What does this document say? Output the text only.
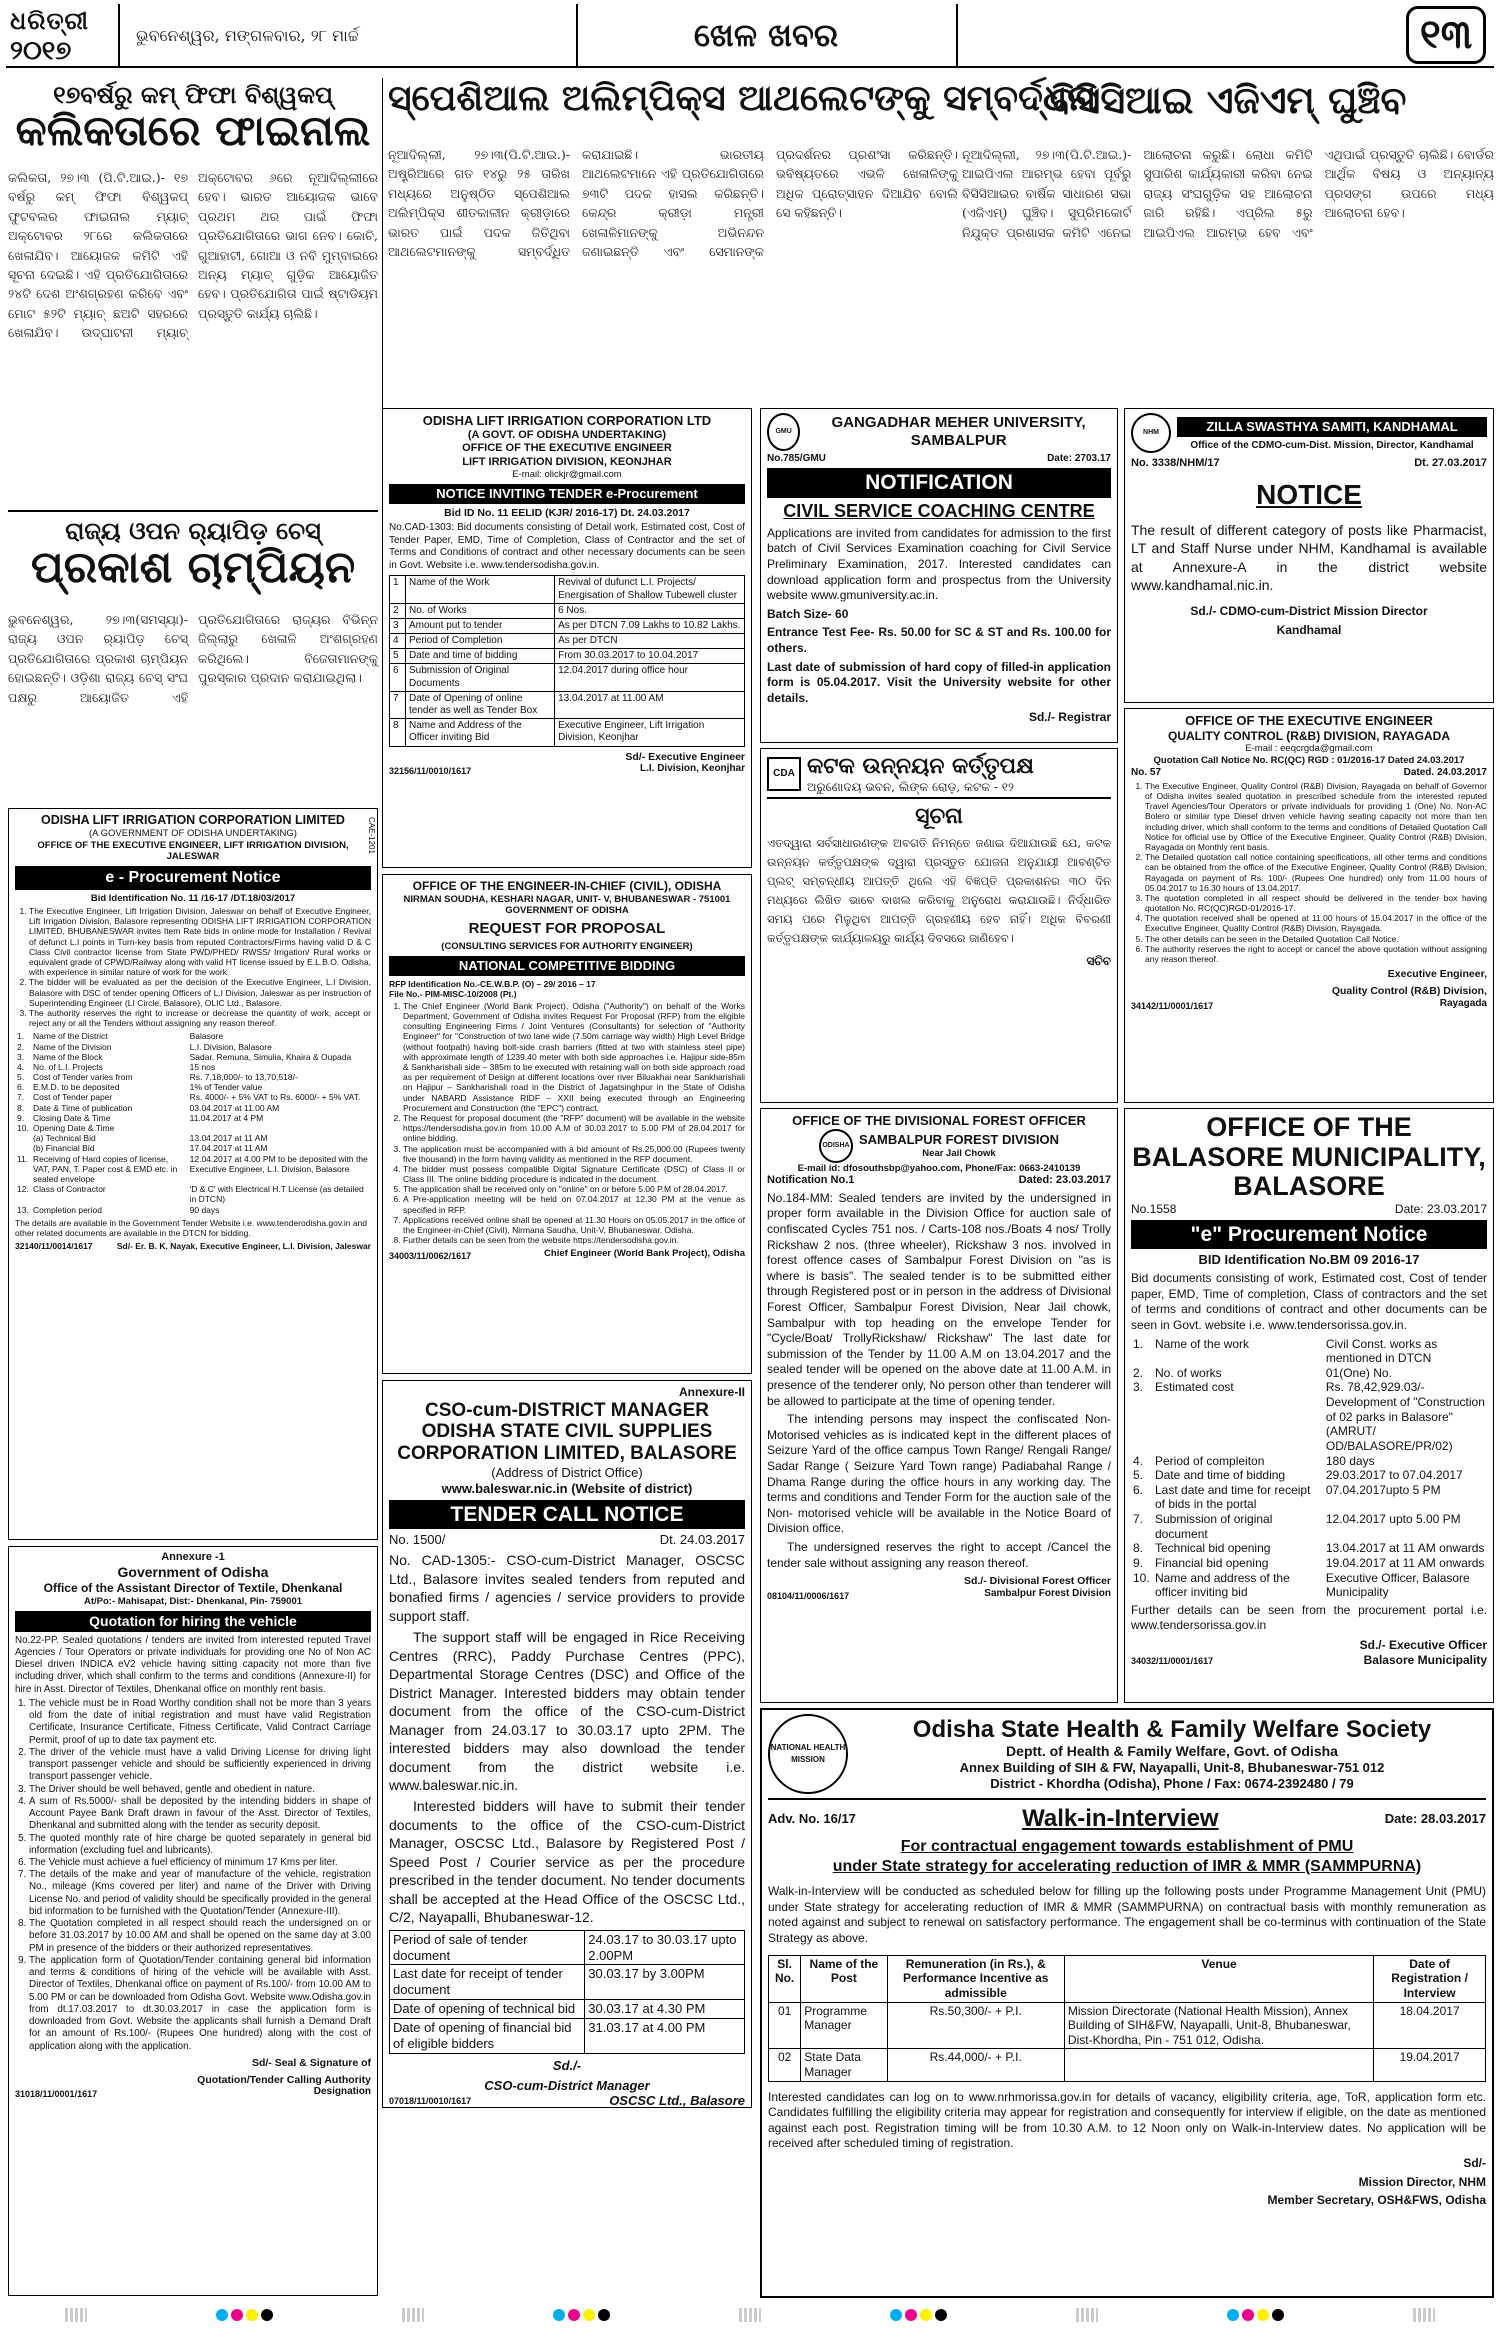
ଧରିତ୍ରୀ
୨୦୧୭
ଭୁବନେଶ୍ୱର, ମଙ୍ଗଳବାର, ୨୮ ମାର୍ଚ୍ଚ	ଖେଳ ଖବର	୧୩
୧୭ବର୍ଷରୁ କମ୍ ଫିଫା ବିଶ୍ୱକପ୍
କଲିକତାରେ ଫାଇନାଲ
କଲିକତା, ୨୭।୩ (ପି.ଟି.ଆଇ.)- ୧୭ ବର୍ଷରୁ କମ୍ ଫିଫା ବିଶ୍ୱକପ୍ ଫୁଟବଲର ଫାଇନାଲ ମ୍ୟାଚ୍ ଅକ୍ଟୋବର ୨୮ରେ କଲିକତାରେ ଖେଳାଯିବ। ଆୟୋଜକ କମିଟି ଏହି ସୂଚନା ଦେଇଛି। ଏହି ପ୍ରତିଯୋଗିତାରେ ୨୪ଟି ଦେଶ ଅଂଶଗ୍ରହଣ କରିବେ ଏବଂ ମୋଟ ୫୨ଟି ମ୍ୟାଚ୍ ଛଅଟି ସହରରେ ଖେଳାଯିବ। ଉଦ୍‌ଘାଟନୀ ମ୍ୟାଚ୍ ଅକ୍ଟୋବର ୬ରେ ନୂଆଦିଲ୍ଲୀରେ ହେବ। ଭାରତ ଆୟୋଜକ ଭାବେ ପ୍ରଥମ ଥର ପାଇଁ ଫିଫା ପ୍ରତିଯୋଗିତାରେ ଭାଗ ନେବ। କୋଚି, ଗୁଆହାଟୀ, ଗୋଆ ଓ ନବି ମୁମ୍ବାଇରେ ଅନ୍ୟ ମ୍ୟାଚ୍ ଗୁଡ଼ିକ ଆୟୋଜିତ ହେବ। ପ୍ରତିଯୋଗିତା ପାଇଁ ଷ୍ଟାଡିୟମ ପ୍ରସ୍ତୁତି କାର୍ଯ୍ୟ ଚାଲିଛି।
ରାଜ୍ୟ ଓପନ ର‌୍ୟାପିଡ଼ ଚେସ୍
ପ୍ରକାଶ ଚାମ୍ପିୟନ
ଭୁବନେଶ୍ୱର, ୨୭।୩(ସମସ୍ୟା)- ରାଜ୍ୟ ଓପନ ର‌୍ୟାପିଡ଼ ଚେସ୍ ପ୍ରତିଯୋଗିତାରେ ପ୍ରକାଶ ଚାମ୍ପିୟନ ହୋଇଛନ୍ତି। ଓଡ଼ିଶା ରାଜ୍ୟ ଚେସ୍ ସଂଘ ପକ୍ଷରୁ ଆୟୋଜିତ ଏହି ପ୍ରତିଯୋଗିତାରେ ରାଜ୍ୟର ବିଭିନ୍ନ ଜିଲ୍ଲାରୁ ଖେଳାଳି ଅଂଶଗ୍ରହଣ କରିଥିଲେ। ବିଜେତାମାନଙ୍କୁ ପୁରସ୍କାର ପ୍ରଦାନ କରାଯାଇଥିଲା।
ସ୍ପେଶିଆଲ ଅଲିମ୍ପିକ୍ସ ଆଥଲେଟଙ୍କୁ ସମ୍ବର୍ଦ୍ଧନା
ନୂଆଦିଲ୍ଲୀ, ୨୭।୩(ପି.ଟି.ଆଇ.)- ଅଷ୍ଟ୍ରିଆରେ ଗତ ୧୪ରୁ ୨୫ ତାରିଖ ମଧ୍ୟରେ ଅନୁଷ୍ଠିତ ସ୍ପେଶିଆଲ ଅଲିମ୍ପିକ୍ସ ଶୀତକାଳୀନ କ୍ରୀଡ଼ାରେ ଭାରତ ପାଇଁ ପଦକ ଜିତିଥିବା ଆଥଲେଟମାନଙ୍କୁ ସମ୍ବର୍ଦ୍ଧିତ କରାଯାଇଛି। ଭାରତୀୟ ଆଥଲେଟମାନେ ଏହି ପ୍ରତିଯୋଗିତାରେ ୭୩ଟି ପଦକ ହାସଲ କରିଛନ୍ତି। କେନ୍ଦ୍ର କ୍ରୀଡ଼ା ମନ୍ତ୍ରୀ ଖେଳାଳିମାନଙ୍କୁ ଅଭିନନ୍ଦନ ଜଣାଇଛନ୍ତି ଏବଂ ସେମାନଙ୍କ ପ୍ରଦର୍ଶନର ପ୍ରଶଂସା କରିଛନ୍ତି। ଭବିଷ୍ୟତରେ ଏଭଳି ଖେଳାଳିଙ୍କୁ ଅଧିକ ପ୍ରୋତ୍ସାହନ ଦିଆଯିବ ବୋଲି ସେ କହିଛନ୍ତି।
ବିସିସିଆଇ ଏଜିଏମ୍ ଘୁଞ୍ଚିବ
ନୂଆଦିଲ୍ଲୀ, ୨୭।୩(ପି.ଟି.ଆଇ.)- ଆଇପିଏଲ ଆରମ୍ଭ ହେବା ପୂର୍ବରୁ ବିସିସିଆଇର ବାର୍ଷିକ ସାଧାରଣ ସଭା (ଏଜିଏମ୍) ଘୁଞ୍ଚିବ। ସୁପ୍ରିମକୋର୍ଟ ନିଯୁକ୍ତ ପ୍ରଶାସକ କମିଟି ଏନେଇ ଆଲୋଚନା କରୁଛି। ଲୋଧା କମିଟି ସୁପାରିଶ କାର୍ଯ୍ୟକାରୀ କରିବା ନେଇ ରାଜ୍ୟ ସଂଘଗୁଡ଼ିକ ସହ ଆଲୋଚନା ଜାରି ରହିଛି। ଏପ୍ରିଲ ୫ରୁ ଆଇପିଏଲ ଆରମ୍ଭ ହେବ ଏବଂ ଏଥିପାଇଁ ପ୍ରସ୍ତୁତି ଚାଲିଛି। ବୋର୍ଡର ଆର୍ଥିକ ବିଷୟ ଓ ଅନ୍ୟାନ୍ୟ ପ୍ରସଙ୍ଗ ଉପରେ ମଧ୍ୟ ଆଲୋଚନା ହେବ।
ODISHA LIFT IRRIGATION CORPORATION LTD
(A GOVT. OF ODISHA UNDERTAKING)
OFFICE OF THE EXECUTIVE ENGINEER
LIFT IRRIGATION DIVISION, KEONJHAR
E-mail: olickjr@gmail.com
NOTICE INVITING TENDER e-Procurement
Bid ID No. 11 EELID (KJR/ 2016-17) Dt. 24.03.2017
No.CAD-1303: Bid documents consisting of Detail work, Estimated cost, Cost of Tender Paper, EMD, Time of Completion, Class of Contractor and the set of Terms and Conditions of contract and other necessary documents can be seen in Govt. Website i.e. www.tendersodisha.gov.in.
1	Name of the Work	Revival of dufunct L.I. Projects/ Energisation of Shallow Tubewell cluster
2	No. of Works	6 Nos.
3	Amount put to tender	As per DTCN 7.09 Lakhs to 10.82 Lakhs.
4	Period of Completion	As per DTCN
5	Date and time of bidding	From 30.03.2017 to 10.04.2017
6	Submission of Original Documents	12.04.2017 during office hour
7	Date of Opening of online tender as well as Tender Box	13.04.2017 at 11.00 AM
8	Name and Address of the Officer inviting Bid	Executive Engineer, Lift Irrigation Division, Keonjhar
Sd/- Executive Engineer
32156/11/0010/1617	L.I. Division, Keonjhar
GMU
GANGADHAR MEHER UNIVERSITY, SAMBALPUR
No.785/GMU	Date: 2703.17
NOTIFICATION
CIVIL SERVICE COACHING CENTRE
Applications are invited from candidates for admission to the first batch of Civil Services Examination coaching for Civil Service Preliminary Examination, 2017. Interested candidates can download application form and prospectus from the University website www.gmuniversity.ac.in.
Batch Size- 60
Entrance Test Fee- Rs. 50.00 for SC & ST and Rs. 100.00 for others.
Last date of submission of hard copy of filled-in application form is 05.04.2017. Visit the University website for other details.
Sd./- Registrar
NHM	ZILLA SWASTHYA SAMITI, KANDHAMAL
Office of the CDMO-cum-Dist. Mission, Director, Kandhamal
No. 3338/NHM/17	Dt. 27.03.2017
NOTICE
The result of different category of posts like Pharmacist, LT and Staff Nurse under NHM, Kandhamal is available at Annexure-A in the district website www.kandhamal.nic.in.
Sd./- CDMO-cum-District Mission Director
Kandhamal
OFFICE OF THE EXECUTIVE ENGINEER
QUALITY CONTROL (R&B) DIVISION, RAYAGADA
E-mail : eeqcrgda@gmail.com
Quotation Call Notice No. RC(QC) RGD : 01/2016-17 Dated 24.03.2017
No. 57	Dated. 24.03.2017
1. The Executive Engineer, Quality Control (R&B) Division, Rayagada on behalf of Governor of Odisha invites sealed quotation in prescribed schedule from the interested reputed Travel Agencies/Tour Operators or private individuals for providing 1 (One) No. Non-AC Bolero or similar type Diesel driven vehicle having seating capacity not more than ten including driver, which shall conform to the terms and conditions of Detailed Quotation Call Notice for official use by Office of the Executive Engineer, Quality Control (R&B) Division, Rayagada on Monthly rent basis.
2. The Detailed quotation call notice containing specifications, all other terms and conditions can be obtained from the office of the Executive Engineer, Quality Control (R&B) Division, Rayagada on payment of Rs. 100/- (Rupees One hundred) only from 11.00 hours of 05.04.2017 to 16.30 hours of 13.04.2017.
3. The quotation completed in all respect should be delivered in the tender box having quotation No. RC(QC)RGD-01/2016-17.
4. The quotation received shall be opened at 11.00 hours of 15.04.2017 in the office of the Executive Engineer, Quality Control (R&B) Division, Rayagada.
5. The other details can be seen in the Detailed Quotation Call Notice.
6. The authority reserves the right to accept or cancel the above quotation without assigning any reason thereof.
Executive Engineer,
Quality Control (R&B) Division,
34142/11/0001/1617	Rayagada
CDA କଟକ ଉନ୍ନୟନ କର୍ତ୍ତୃପକ୍ଷ
ଅରୁଣୋଦୟ ଭବନ, ଲିଙ୍କ ରୋଡ଼, କଟକ - ୧୨
ସୂଚନା
ଏତଦ୍ୱାରା ସର୍ବସାଧାରଣଙ୍କ ଅବଗତି ନିମନ୍ତେ ଜଣାଇ ଦିଆଯାଉଛି ଯେ, କଟକ ଉନ୍ନୟନ କର୍ତ୍ତୃପକ୍ଷଙ୍କ ଦ୍ୱାରା ପ୍ରସ୍ତୁତ ଯୋଜନା ଅନୁଯାୟୀ ଆବଣ୍ଟିତ ପ୍ଲଟ୍ ସମ୍ବନ୍ଧୀୟ ଆପତ୍ତି ଥିଲେ ଏହି ବିଜ୍ଞପ୍ତି ପ୍ରକାଶନର ୩୦ ଦିନ ମଧ୍ୟରେ ଲିଖିତ ଭାବେ ଦାଖଲ କରିବାକୁ ଅନୁରୋଧ କରାଯାଉଛି। ନିର୍ଦ୍ଧାରିତ ସମୟ ପରେ ମିଳୁଥିବା ଆପତ୍ତି ଗ୍ରହଣୀୟ ହେବ ନାହିଁ। ଅଧିକ ବିବରଣୀ କର୍ତ୍ତୃପକ୍ଷଙ୍କ କାର୍ଯ୍ୟାଳୟରୁ କାର୍ଯ୍ୟ ଦିବସରେ ଜାଣିହେବ।
ସଚିବ
OFFICE OF THE ENGINEER-IN-CHIEF (CIVIL), ODISHA
NIRMAN SOUDHA, KESHARI NAGAR, UNIT- V, BHUBANESWAR - 751001
GOVERNMENT OF ODISHA
REQUEST FOR PROPOSAL
(CONSULTING SERVICES FOR AUTHORITY ENGINEER)
NATIONAL COMPETITIVE BIDDING
RFP Identification No.-CE.W.B.P. (O) – 29/ 2016 – 17
File No.- PIM-MISC-10/2008 (Pt.)
1. The Chief Engineer (World Bank Project), Odisha ("Authority") on behalf of the Works Department, Government of Odisha invites Request For Proposal (RFP) from the eligible consulting Engineering Firms / Joint Ventures (Consultants) for selection of "Authority Engineer" for "Construction of two lane wide (7.50m carriage way width) High Level Bridge (without footpath) having bolt-side crash barriers (fitted at two with stainless steel pipe) with approximate length of 1239.40 meter with both side approaches i.e. Hajipur side-85m & Sankharishali side – 385m to be executed with retaining wall on both side approach road as per requirement of Design at different locations over river Biluakhai near Sankharishali on Hajipur – Sankharishali road in the District of Jagatsinghpur in the State of Odisha under NABARD Assistance RIDF – XXII being executed through an Engineering Procurement and Construction (the "EPC") contract.
2. The Request for proposal document (the "RFP" document) will be available in the website https://tendersodisha.gov.in from 10.00 A.M of 30.03.2017 to 5.00 PM of 28.04.2017 for online bidding.
3. The application must be accompanied with a bid amount of Rs.25,000.00 (Rupees twenty five thousand) in the form having validity as mentioned in the RFP document.
4. The bidder must possess compatible Digital Signature Certificate (DSC) of Class II or Class III. The online bidding procedure is indicated in the document.
5. The application shall be received only on "online" on or before 5.00 P.M of 28.04.2017.
6. A Pre-application meeting will be held on 07.04.2017 at 12.30 PM at the venue as specified in RFP.
7. Applications received online shall be opened at 11.30 Hours on 05.05.2017 in the office of the Engineer-in-Chief (Civil), Nirmana Saudha, Unit-V, Bhubaneswar, Odisha.
8. Further details can be seen from the website https://tendersodisha.gov.in.
34003/11/0062/1617	Chief Engineer (World Bank Project), Odisha
CAE-1201
ODISHA LIFT IRRIGATION CORPORATION LIMITED
(A GOVERNMENT OF ODISHA UNDERTAKING)
OFFICE OF THE EXECUTIVE ENGINEER, LIFT IRRIGATION DIVISION, JALESWAR
e - Procurement Notice
Bid Identification No. 11 /16-17 /DT.18/03/2017
1. The Executive Engineer, Lift Irrigation Division, Jaleswar on behalf of Executive Engineer, Lift Irrigation Division, Balasore representing ODISHA LIFT IRRIGATION CORPORATION LIMITED, BHUBANESWAR invites Item Rate bids in online mode for Installation / Revival of defunct L.I points in Turn-key basis from reputed Contractors/Firms having valid D & C Class Civil contractor license from State PWD/PHED/ RWSS/ Irrigation/ Rural works or equivalent grade of CPWD/Railway along with valid HT license issued by E.L.B.O. Odisha, with experience in similar nature of work for the work.
2. The bidder will be evaluated as per the decision of the Executive Engineer, L.I Division, Balasore with DSC of tender opening Officers of L.I Division, Jaleswar as per instruction of Superintending Engineer (LI Circle, Balasore), OLIC Ltd., Balasore.
3. The authority reserves the right to increase or decrease the quantity of work, accept or reject any or all the Tenders without assigning any reason thereof.
1.	Name of the District	Balasore
2.	Name of the Division	L.I. Division, Balasore
3.	Name of the Block	Sadar, Remuna, Simulia, Khaira & Oupada
4.	No. of L.I. Projects	15 nos
5.	Cost of Tender varies from	Rs. 7,18,000/- to 13,70,518/-
6.	E.M.D. to be deposited	1% of Tender value
7.	Cost of Tender paper	Rs. 4000/- + 5% VAT to Rs. 6000/- + 5% VAT.
8.	Date & Time of publication	03.04.2017 at 11.00 AM
9.	Closing Date & Time	11.04.2017 at 4 PM
10.	Opening Date & Time	
	(a) Technical Bid	13.04.2017 at 11 AM
	(b) Financial Bid	17.04.2017 at 11 AM
11.	Receiving of Hard copies of license, VAT, PAN, T. Paper cost & EMD etc. in sealed envelope	12.04.2017 at 4.00 PM to be deposited with the Executive Engineer, L.I. Division, Balasore
12.	Class of Contractor	'D & C' with Electrical H.T License (as detailed in DTCN)
13.	Completion period	90 days
The details are available in the Government Tender Website i.e. www.tenderodisha.gov.in and other related documents are available in the DTCN for bidding.
32140/11/0014/1617	Sd/- Er. B. K. Nayak, Executive Engineer, L.I. Division, Jaleswar
Annexure-II
CSO-cum-DISTRICT MANAGER ODISHA STATE CIVIL SUPPLIES CORPORATION LIMITED, BALASORE
(Address of District Office)
www.baleswar.nic.in (Website of district)
TENDER CALL NOTICE
No. 1500/	Dt. 24.03.2017
No. CAD-1305:- CSO-cum-District Manager, OSCSC Ltd., Balasore invites sealed tenders from reputed and bonafied firms / agencies / service providers to provide support staff.
The support staff will be engaged in Rice Receiving Centres (RRC), Paddy Purchase Centres (PPC), Departmental Storage Centres (DSC) and Office of the District Manager. Interested bidders may obtain tender document from the office of the CSO-cum-District Manager from 24.03.17 to 30.03.17 upto 2PM. The interested bidders may also download the tender document from the district website i.e. www.baleswar.nic.in.
Interested bidders will have to submit their tender documents to the office of the CSO-cum-District Manager, OSCSC Ltd., Balasore by Registered Post / Speed Post / Courier service as per the procedure prescribed in the tender document. No tender documents shall be accepted at the Head Office of the OSCSC Ltd., C/2, Nayapalli, Bhubaneswar-12.
Period of sale of tender document	24.03.17 to 30.03.17 upto 2.00PM
Last date for receipt of tender document	30.03.17 by 3.00PM
Date of opening of technical bid	30.03.17 at 4.30 PM
Date of opening of financial bid of eligible bidders	31.03.17 at 4.00 PM
Sd./-
CSO-cum-District Manager
07018/11/0010/1617	OSCSC Ltd., Balasore
OFFICE OF THE DIVISIONAL FOREST OFFICER
ODISHA SAMBALPUR FOREST DIVISION
Near Jail Chowk
E-mail id: dfosouthsbp@yahoo.com, Phone/Fax: 0663-2410139
Notification No.1	Dated: 23.03.2017
No.184-MM: Sealed tenders are invited by the undersigned in proper form available in the Division Office for auction sale of confiscated Cycles 751 nos. / Carts-108 nos./Boats 4 nos/ Trolly Rickshaw 2 nos. (three wheeler), Rickshaw 3 nos. involved in forest offence cases of Sambalpur Forest Division on "as is where is basis". The sealed tender is to be submitted either through Registered post or in person in the address of Divisional Forest Officer, Sambalpur Forest Division, Near Jail chowk, Sambalpur with top heading on the envelope Tender for "Cycle/Boat/ TrollyRickshaw/ Rickshaw" The last date for submission of the Tender by 11.00 A.M on 13.04.2017 and the sealed tender will be opened on the above date at 11.00 A.M. in presence of the tenderer only, No person other than tenderer will be allowed to participate at the time of opening tender.
The intending persons may inspect the confiscated Non- Motorised vehicles as is indicated kept in the different places of Seizure Yard of the office campus Town Range/ Rengali Range/ Sadar Range ( Seizure Yard Town range) Padiabahal Range / Dhama Range during the office hours in any working day. The terms and conditions and Tender Form for the auction sale of the Non- motorised vehicle will be available in the Notice Board of Division office.
The undersigned reserves the right to accept /Cancel the tender sale without assigning any reason thereof.
Sd./- Divisional Forest Officer
08104/11/0006/1617	Sambalpur Forest Division
OFFICE OF THE BALASORE MUNICIPALITY, BALASORE
No.1558	Date: 23.03.2017
"e" Procurement Notice
BID Identification No.BM 09 2016-17
Bid documents consisting of work, Estimated cost, Cost of tender paper, EMD, Time of completion, Class of contractors and the set of terms and conditions of contract and other documents can be seen in Govt. website i.e. www.tendersorissa.gov.in.
1.	Name of the work	Civil Const. works as mentioned in DTCN
2.	No. of works	01(One) No.
3.	Estimated cost	Rs. 78,42,929.03/- Development of "Construction of 02 parks in Balasore" (AMRUT/ OD/BALASORE/PR/02)
4.	Period of compleiton	180 days
5.	Date and time of bidding	29.03.2017 to 07.04.2017
6.	Last date and time for receipt of bids in the portal	07.04.2017upto 5 PM
7.	Submission of original document	12.04.2017 upto 5.00 PM
8.	Technical bid opening	13.04.2017 at 11 AM onwards
9.	Financial bid opening	19.04.2017 at 11 AM onwards
10.	Name and address of the officer inviting bid	Executive Officer, Balasore Municipality
Further details can be seen from the procurement portal i.e. www.tendersorissa.gov.in
Sd./- Executive Officer
34032/11/0001/1617	Balasore Municipality
Annexure -1
Government of Odisha
Office of the Assistant Director of Textile, Dhenkanal
At/Po:- Mahisapat, Dist:- Dhenkanal, Pin- 759001
Quotation for hiring the vehicle
No.22-PP. Sealed quotations / tenders are invited from interested reputed Travel Agencies / Tour Operators or private individuals for providing one No of Non AC Diesel driven INDICA eV2 vehicle having sitting capacity not more than five including driver, which shall confirm to the terms and conditions (Annexure-II) for hire in Asst. Director of Textiles, Dhenkanal office on monthly rent basis.
1. The vehicle must be in Road Worthy condition shall not be more than 3 years old from the date of initial registration and must have valid Registration Certificate, Insurance Certificate, Fitness Certificate, Valid Contract Carriage Permit, proof of up to date tax payment etc.
2. The driver of the vehicle must have a valid Driving License for driving light transport passenger vehicle and should be sufficiently experienced in driving transport passenger vehicle.
3. The Driver should be well behaved, gentle and obedient in nature.
4. A sum of Rs.5000/- shall be deposited by the intending bidders in shape of Account Payee Bank Draft drawn in favour of the Asst. Director of Textiles, Dhenkanal and submitted along with the tender as security deposit.
5. The quoted monthly rate of hire charge be quoted separately in general bid information (excluding fuel and lubricants).
6. The Vehicle must achieve a fuel efficiency of minimum 17 Kms per liter.
7. The details of the make and year of manufacture of the vehicle, registration No., mileage (Kms covered per liter) and name of the Driver with Driving License No. and period of validity should be specifically provided in the general bid information to be furnished with the Quotation/Tender (Annexure-III).
8. The Quotation completed in all respect should reach the undersigned on or before 31.03.2017 by 10.00 AM and shall be opened on the same day at 3.00 PM in presence of the bidders or their authorized representatives.
9. The application form of Quotation/Tender containing general bid information and terms & conditions of hiring of the vehicle will be available with Asst. Director of Textiles, Dhenkanal office on payment of Rs.100/- from 10.00 AM to 5.00 PM or can be downloaded from Odisha Govt. Website www.Odisha.gov.in from dt.17.03.2017 to dt.30.03.2017 in case the application form is downloaded from Govt. Website the applicants shall furnish a Demand Draft for an amount of Rs.100/- (Rupees One hundred) along with the cost of application along with the application.
Sd/- Seal & Signature of
Quotation/Tender Calling Authority
31018/11/0001/1617	Designation
NATIONAL HEALTH MISSION
Odisha State Health & Family Welfare Society
Deptt. of Health & Family Welfare, Govt. of Odisha
Annex Building of SIH & FW, Nayapalli, Unit-8, Bhubaneswar-751 012
District - Khordha (Odisha), Phone / Fax: 0674-2392480 / 79
Adv. No. 16/17	Walk-in-Interview	Date: 28.03.2017
For contractual engagement towards establishment of PMU
under State strategy for accelerating reduction of IMR & MMR (SAMMPURNA)
Walk-in-Interview will be conducted as scheduled below for filling up the following posts under Programme Management Unit (PMU) under State strategy for accelerating reduction of IMR & MMR (SAMMPURNA) on contractual basis with monthly remuneration as noted against and subject to renewal on satisfactory performance. The engagement shall be co-terminus with continuation of the State Strategy as above.
Sl. No.	Name of the Post	Remuneration (in Rs.), & Performance Incentive as admissible	Venue	Date of Registration / Interview
01	Programme Manager	Rs.50,300/- + P.I.	Mission Directorate (National Health Mission), Annex Building of SIH&FW, Nayapalli, Unit-8, Bhubaneswar, Dist-Khordha, Pin - 751 012, Odisha.	18.04.2017
02	State Data Manager	Rs.44,000/- + P.I.		19.04.2017
Interested candidates can log on to www.nrhmorissa.gov.in for details of vacancy, eligibility criteria, age, ToR, application form etc. Candidates fulfilling the eligibility criteria may appear for registration and consequently for interview if eligible, on the date as mentioned against each post. Registration timing will be from 10.30 A.M. to 12 Noon only on Walk-in-Interview dates. No application will be received after scheduled timing of registration.
Sd/-
Mission Director, NHM
Member Secretary, OSH&FWS, Odisha
